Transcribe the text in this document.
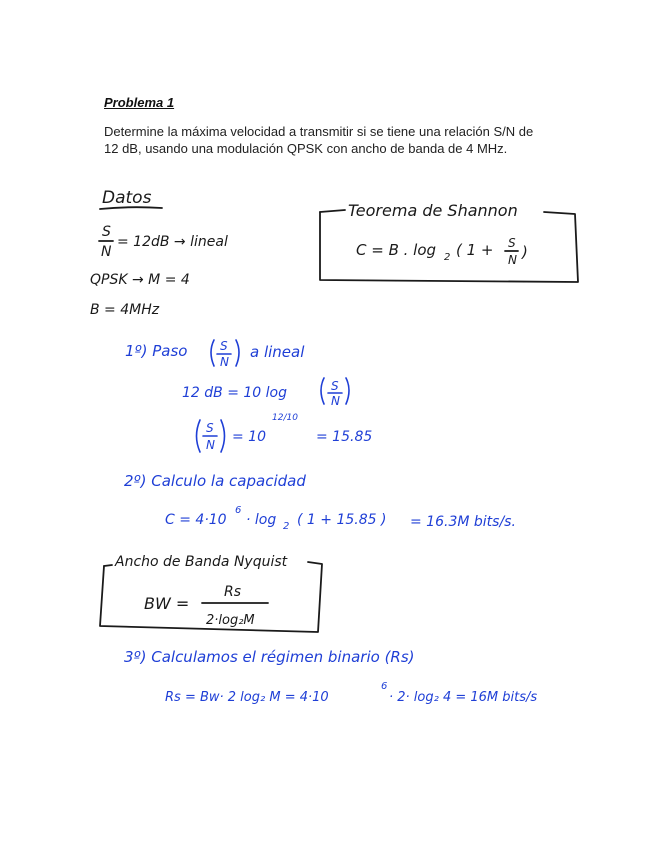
Problema 1
Determine la máxima velocidad a transmitir si se tiene una relación S/N de
12 dB, usando una modulación QPSK con ancho de banda de 4 MHz.
Datos
S
N
= 12dB → lineal
QPSK → M = 4
B = 4MHz
Teorema de Shannon
C = B . log 2 ( 1 + S
N )
1º) Paso	S
N
a lineal
12 dB = 10 log	S
N
S
N = 10
12/10
= 15.85
2º) Calculo la capacidad
C = 4·10
6
· log 2 ( 1 + 15.85 ) = 16.3M bits/s.
Ancho de Banda Nyquist
BW =
Rs
2·log₂M
3º) Calculamos el régimen binario (Rs)
Rs = Bw· 2 log₂ M = 4·10
6
· 2· log₂ 4 = 16M bits/s
